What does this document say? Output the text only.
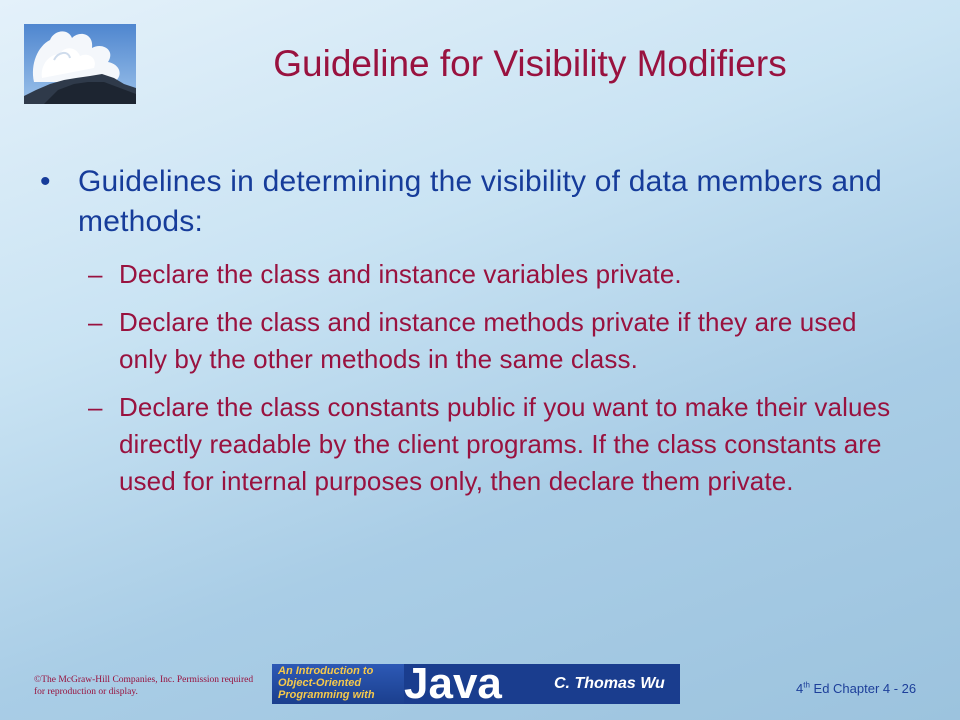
Guideline for Visibility Modifiers
• Guidelines in determining the visibility of data members and methods:
– Declare the class and instance variables private.
– Declare the class and instance methods private if they are used only by the other methods in the same class.
– Declare the class constants public if you want to make their values directly readable by the client programs. If the class constants are used for internal purposes only, then declare them private.
©The McGraw-Hill Companies, Inc. Permission required for reproduction or display.
An Introduction to
Object-Oriented
Programming with Java	C. Thomas Wu	4th Ed Chapter 4 - 26
